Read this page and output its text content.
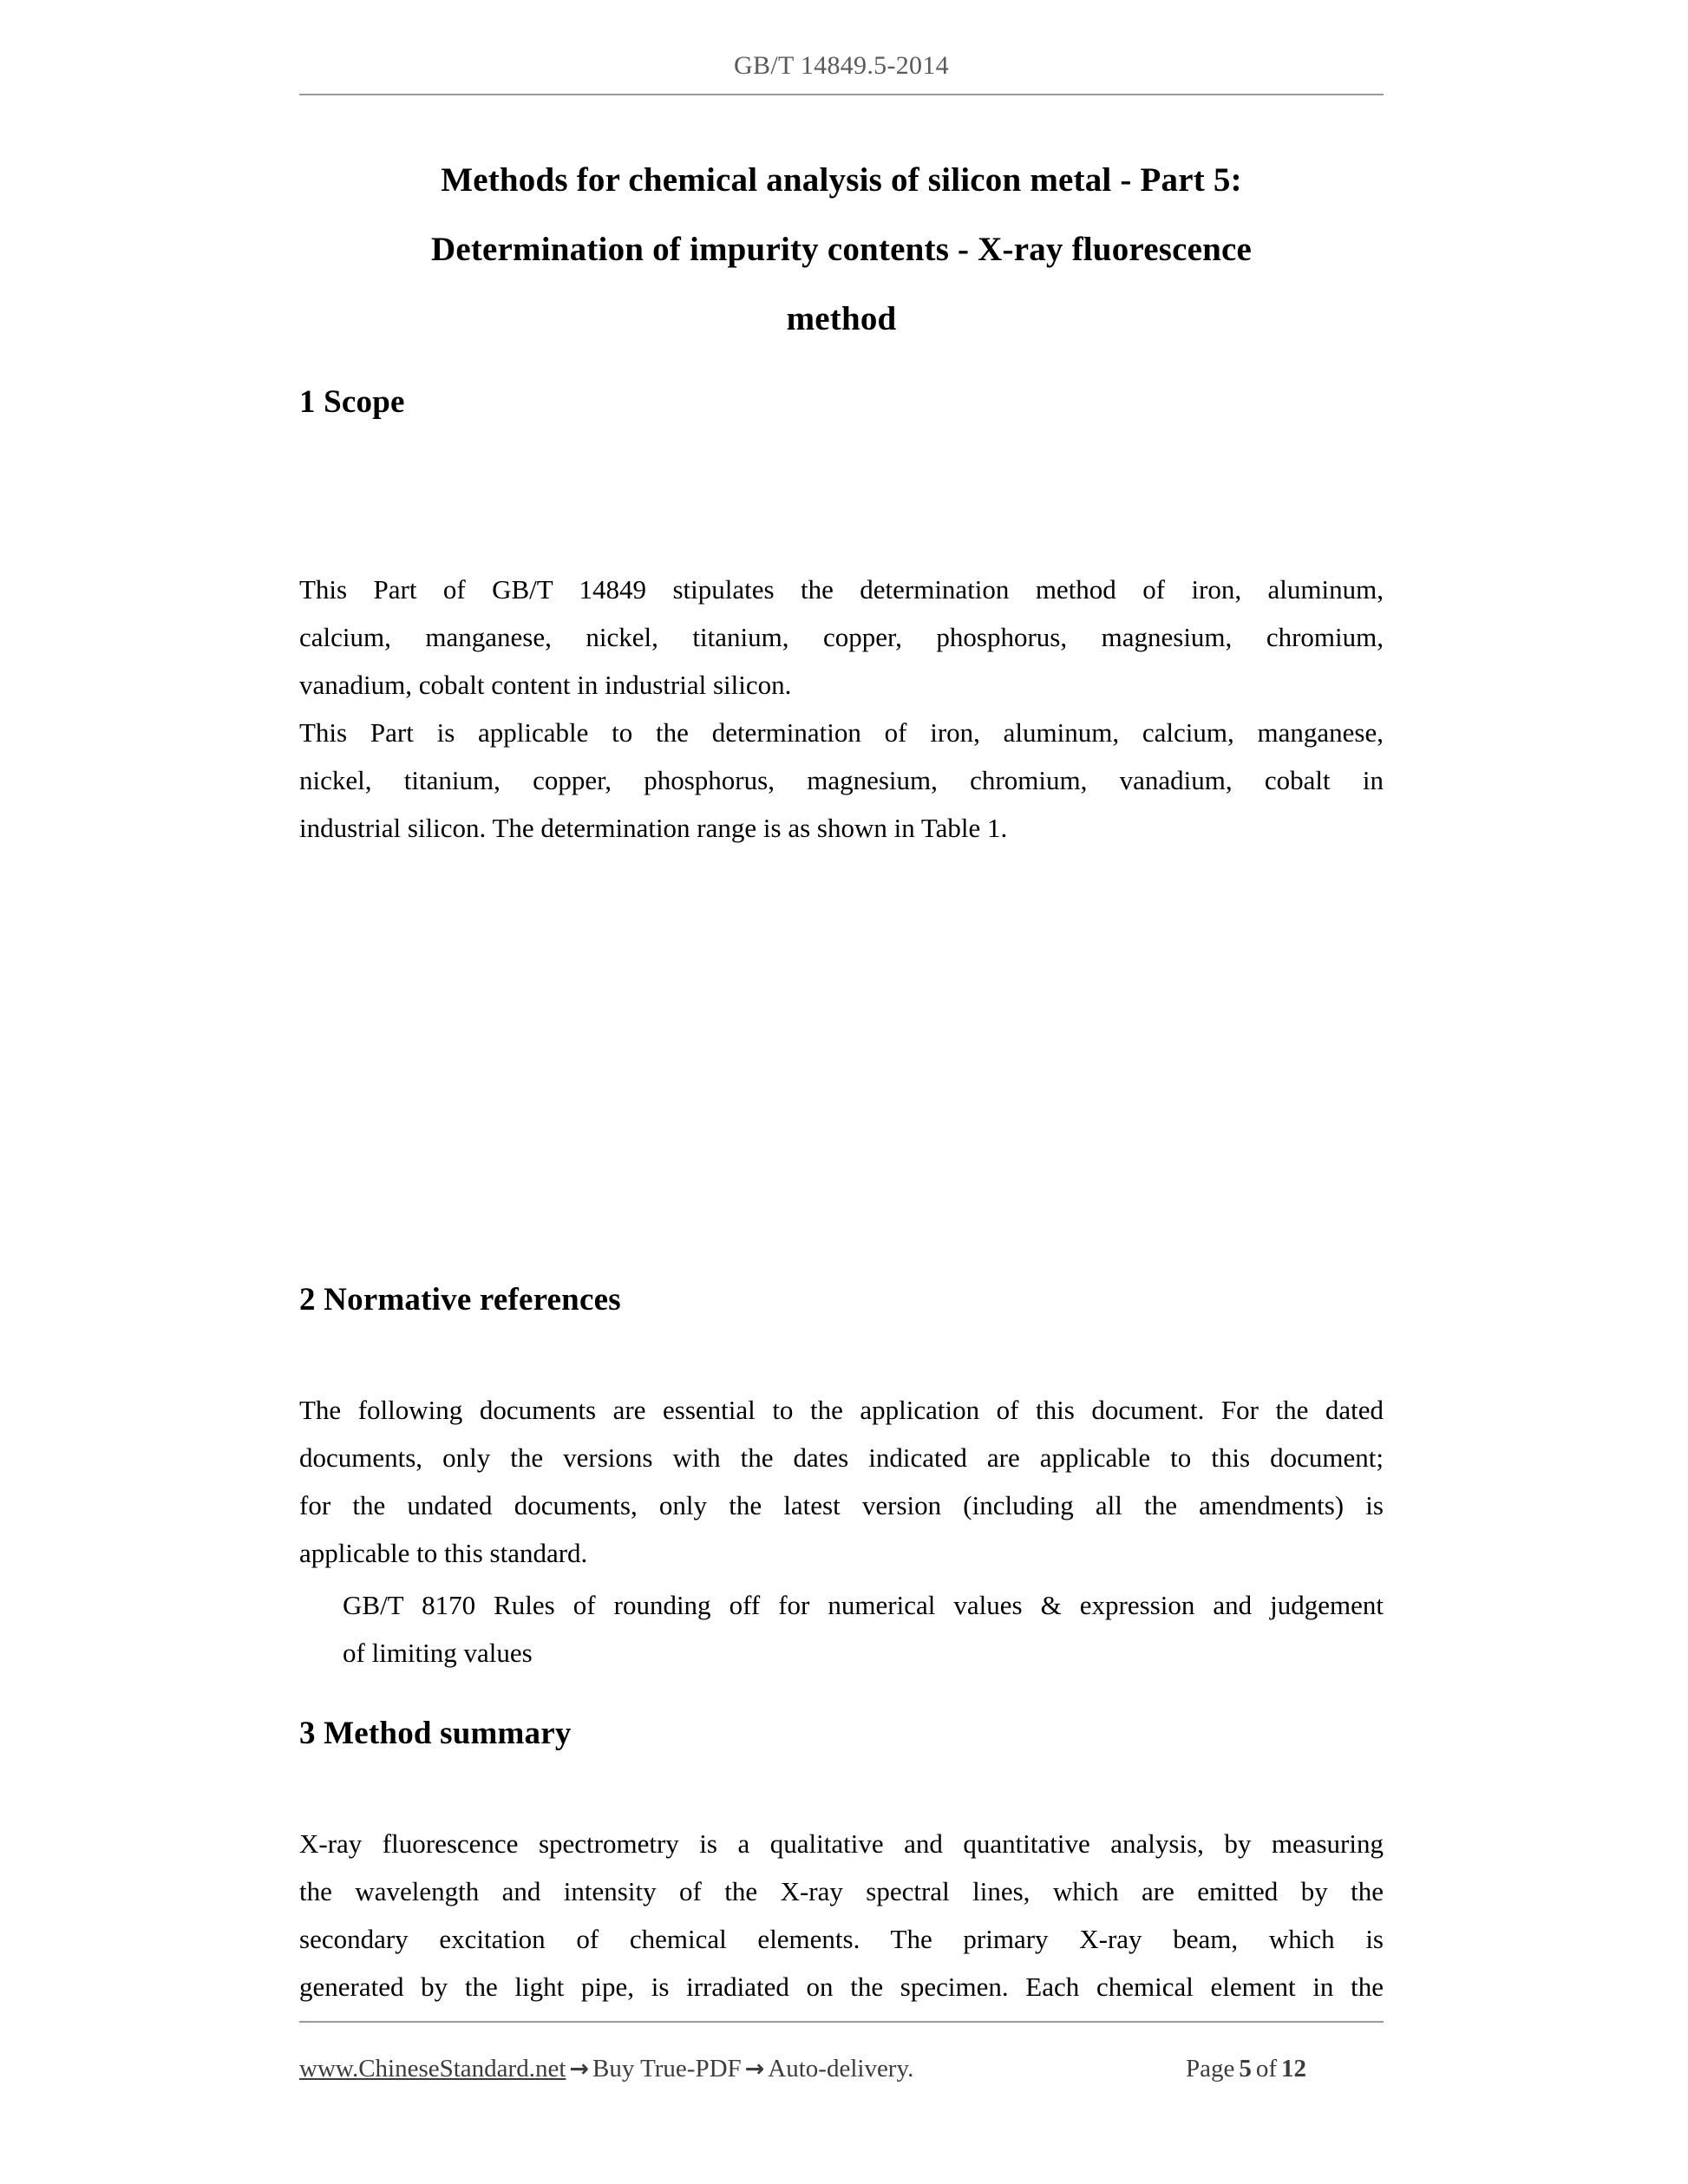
GB/T 14849.5-2014
Methods for chemical analysis of silicon metal - Part 5:
Determination of impurity contents - X-ray fluorescence
method
1 Scope
This Part of GB/T 14849 stipulates the determination method of iron, aluminum,
calcium, manganese, nickel, titanium, copper, phosphorus, magnesium, chromium,
vanadium, cobalt content in industrial silicon.
This Part is applicable to the determination of iron, aluminum, calcium, manganese,
nickel, titanium, copper, phosphorus, magnesium, chromium, vanadium, cobalt in
industrial silicon. The determination range is as shown in Table 1.
2 Normative references
The following documents are essential to the application of this document. For the dated
documents, only the versions with the dates indicated are applicable to this document;
for the undated documents, only the latest version (including all the amendments) is
applicable to this standard.
GB/T 8170 Rules of rounding off for numerical values & expression and judgement
of limiting values
3 Method summary
X-ray fluorescence spectrometry is a qualitative and quantitative analysis, by measuring
the wavelength and intensity of the X-ray spectral lines, which are emitted by the
secondary excitation of chemical elements. The primary X-ray beam, which is
generated by the light pipe, is irradiated on the specimen. Each chemical element in the
www.ChineseStandard.net → Buy True-PDF → Auto-delivery.	Page 5 of 12
